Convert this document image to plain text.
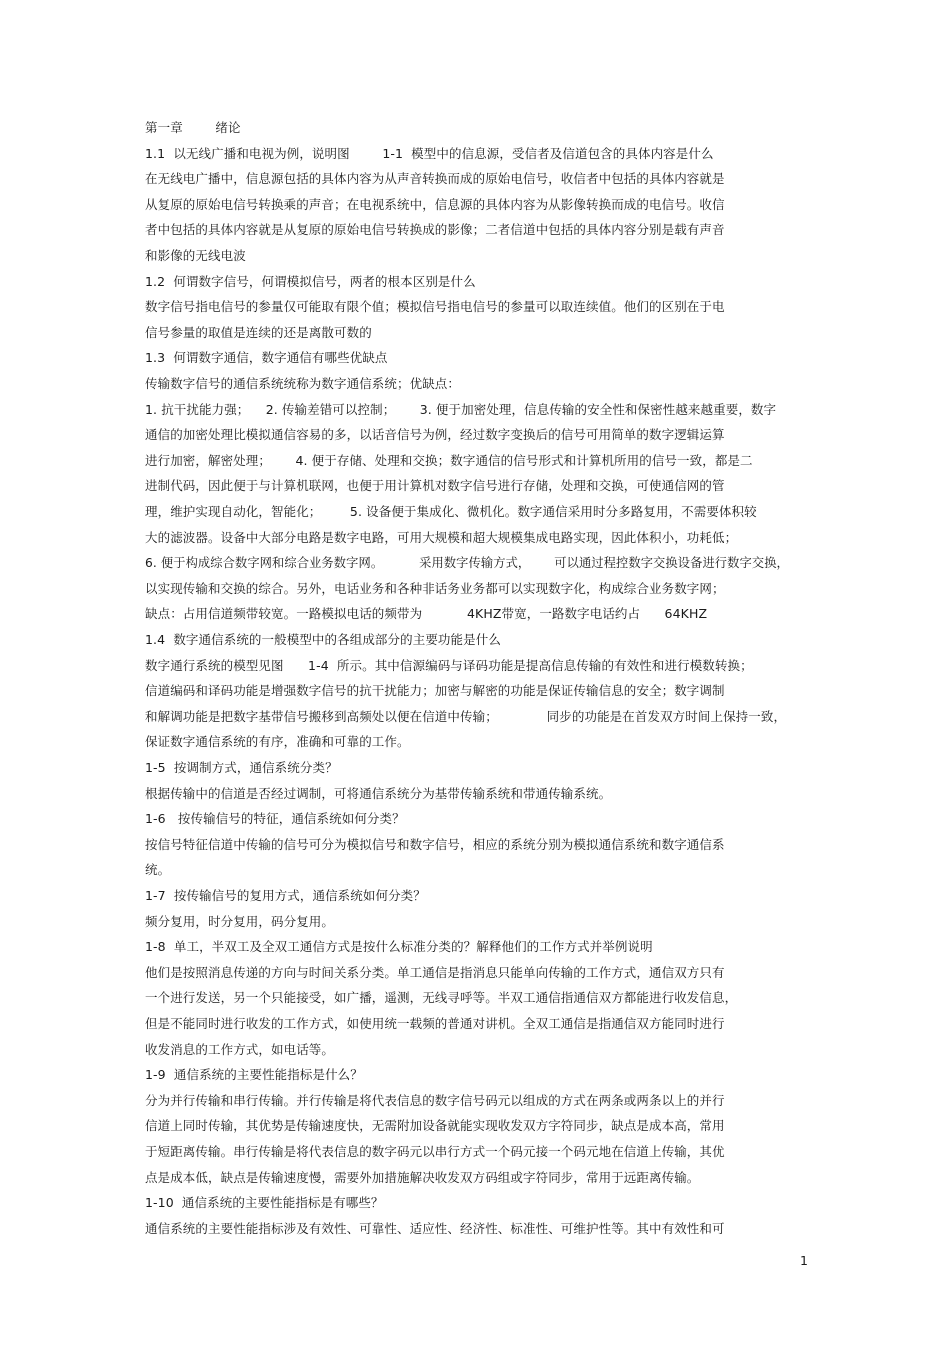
第一章        绪论
1.1  以无线广播和电视为例，说明图        1-1  模型中的信息源，受信者及信道包含的具体内容是什么
在无线电广播中，信息源包括的具体内容为从声音转换而成的原始电信号，收信者中包括的具体内容就是
从复原的原始电信号转换乘的声音；在电视系统中，信息源的具体内容为从影像转换而成的电信号。收信
者中包括的具体内容就是从复原的原始电信号转换成的影像；二者信道中包括的具体内容分别是载有声音
和影像的无线电波
1.2  何谓数字信号，何谓模拟信号，两者的根本区别是什么
数字信号指电信号的参量仅可能取有限个值；模拟信号指电信号的参量可以取连续值。他们的区别在于电
信号参量的取值是连续的还是离散可数的
1.3  何谓数字通信，数字通信有哪些优缺点
传输数字信号的通信系统统称为数字通信系统；优缺点：
1. 抗干扰能力强；    2. 传输差错可以控制；      3. 便于加密处理，信息传输的安全性和保密性越来越重要，数字
通信的加密处理比模拟通信容易的多，以话音信号为例，经过数字变换后的信号可用简单的数字逻辑运算
进行加密，解密处理；      4. 便于存储、处理和交换；数字通信的信号形式和计算机所用的信号一致，都是二
进制代码，因此便于与计算机联网，也便于用计算机对数字信号进行存储，处理和交换，可使通信网的管
理，维护实现自动化，智能化；       5. 设备便于集成化、微机化。数字通信采用时分多路复用，不需要体积较
大的滤波器。设备中大部分电路是数字电路，可用大规模和超大规模集成电路实现，因此体积小，功耗低；
6. 便于构成综合数字网和综合业务数字网。         采用数字传输方式，      可以通过程控数字交换设备进行数字交换，
以实现传输和交换的综合。另外，电话业务和各种非话务业务都可以实现数字化，构成综合业务数字网；
缺点：占用信道频带较宽。一路模拟电话的频带为           4KHZ带宽，一路数字电话约占      64KHZ
1.4  数字通信系统的一般模型中的各组成部分的主要功能是什么
数字通行系统的模型见图      1-4  所示。其中信源编码与译码功能是提高信息传输的有效性和进行模数转换；
信道编码和译码功能是增强数字信号的抗干扰能力；加密与解密的功能是保证传输信息的安全；数字调制
和解调功能是把数字基带信号搬移到高频处以便在信道中传输；            同步的功能是在首发双方时间上保持一致，
保证数字通信系统的有序，准确和可靠的工作。
1-5  按调制方式，通信系统分类？
根据传输中的信道是否经过调制，可将通信系统分为基带传输系统和带通传输系统。
1-6   按传输信号的特征，通信系统如何分类？
按信号特征信道中传输的信号可分为模拟信号和数字信号，相应的系统分别为模拟通信系统和数字通信系
统。
1-7  按传输信号的复用方式，通信系统如何分类？
频分复用，时分复用，码分复用。
1-8  单工，半双工及全双工通信方式是按什么标准分类的？解释他们的工作方式并举例说明
他们是按照消息传递的方向与时间关系分类。单工通信是指消息只能单向传输的工作方式，通信双方只有
一个进行发送，另一个只能接受，如广播，遥测，无线寻呼等。半双工通信指通信双方都能进行收发信息，
但是不能同时进行收发的工作方式，如使用统一载频的普通对讲机。全双工通信是指通信双方能同时进行
收发消息的工作方式，如电话等。
1-9  通信系统的主要性能指标是什么？
分为并行传输和串行传输。并行传输是将代表信息的数字信号码元以组成的方式在两条或两条以上的并行
信道上同时传输，其优势是传输速度快，无需附加设备就能实现收发双方字符同步，缺点是成本高，常用
于短距离传输。串行传输是将代表信息的数字码元以串行方式一个码元接一个码元地在信道上传输，其优
点是成本低，缺点是传输速度慢，需要外加措施解决收发双方码组或字符同步，常用于远距离传输。
1-10  通信系统的主要性能指标是有哪些？
通信系统的主要性能指标涉及有效性、可靠性、适应性、经济性、标准性、可维护性等。其中有效性和可
1
